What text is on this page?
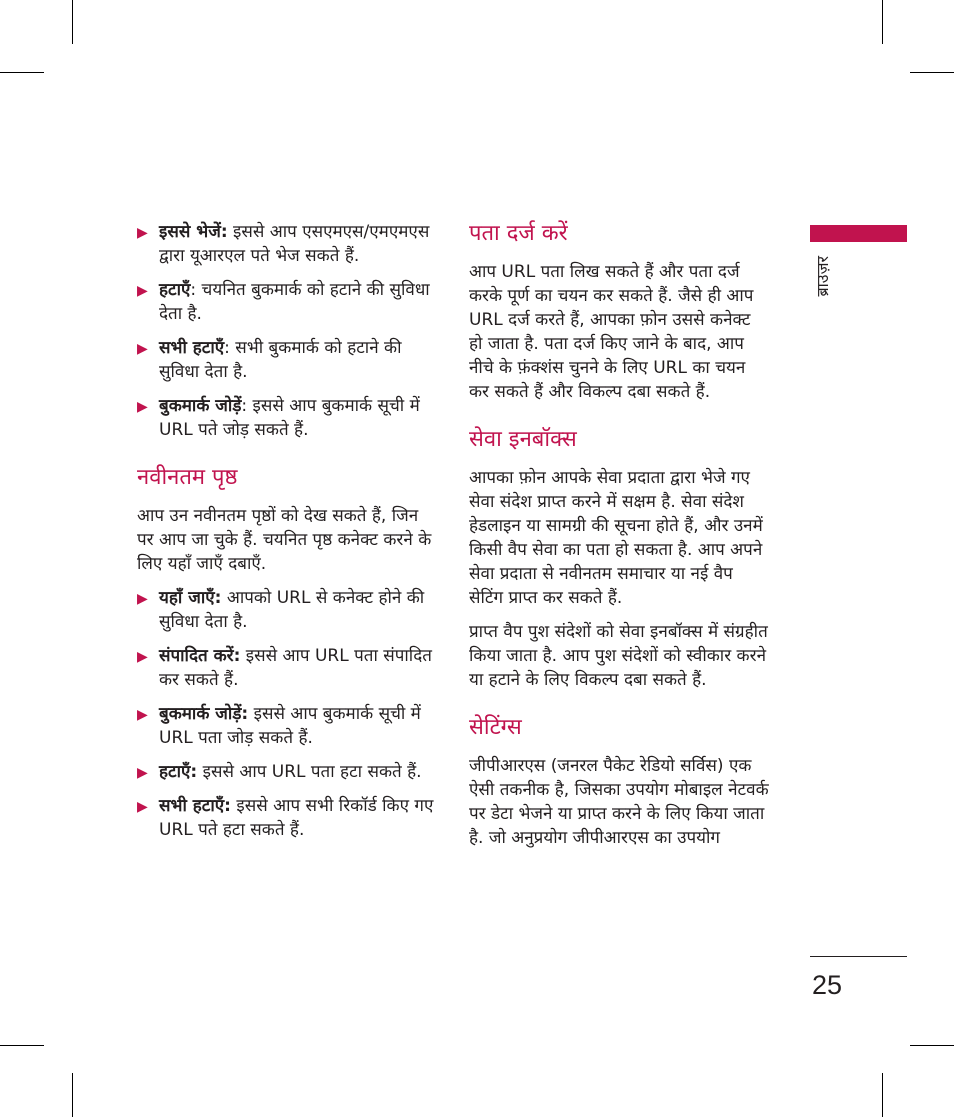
▶ इससे भेजें: इससे आप एसएमएस/एमएमएस द्वारा यूआरएल पते भेज सकते हैं.
▶ हटाएँ: चयनित बुकमार्क को हटाने की सुविधा देता है.
▶ सभी हटाएँ: सभी बुकमार्क को हटाने की सुविधा देता है.
▶ बुकमार्क जोड़ें: इससे आप बुकमार्क सूची में URL पते जोड़ सकते हैं.
नवीनतम पृष्ठ

आप उन नवीनतम पृष्ठों को देख सकते हैं, जिन पर आप जा चुके हैं. चयनित पृष्ठ कनेक्ट करने के लिए यहाँ जाएँ दबाएँ.

▶ यहाँ जाएँ: आपको URL से कनेक्ट होने की सुविधा देता है.
▶ संपादित करें: इससे आप URL पता संपादित कर सकते हैं.
▶ बुकमार्क जोड़ें: इससे आप बुकमार्क सूची में URL पता जोड़ सकते हैं.
▶ हटाएँ: इससे आप URL पता हटा सकते हैं.
▶ सभी हटाएँ: इससे आप सभी रिकॉर्ड किए गए URL पते हटा सकते हैं.
पता दर्ज करें

आप URL पता लिख सकते हैं और पता दर्ज करके पूर्ण का चयन कर सकते हैं. जैसे ही आप URL दर्ज करते हैं, आपका फ़ोन उससे कनेक्ट हो जाता है. पता दर्ज किए जाने के बाद, आप नीचे के फ़ंक्शंस चुनने के लिए URL का चयन कर सकते हैं और विकल्प दबा सकते हैं.

सेवा इनबॉक्स

आपका फ़ोन आपके सेवा प्रदाता द्वारा भेजे गए सेवा संदेश प्राप्त करने में सक्षम है. सेवा संदेश हेडलाइन या सामग्री की सूचना होते हैं, और उनमें किसी वैप सेवा का पता हो सकता है. आप अपने सेवा प्रदाता से नवीनतम समाचार या नई वैप सेटिंग प्राप्त कर सकते हैं.

प्राप्त वैप पुश संदेशों को सेवा इनबॉक्स में संग्रहीत किया जाता है. आप पुश संदेशों को स्वीकार करने या हटाने के लिए विकल्प दबा सकते हैं.

सेटिंग्स

जीपीआरएस (जनरल पैकेट रेडियो सर्विस) एक ऐसी तकनीक है, जिसका उपयोग मोबाइल नेटवर्क पर डेटा भेजने या प्राप्त करने के लिए किया जाता है. जो अनुप्रयोग जीपीआरएस का उपयोग

ब्राउज़र
25
